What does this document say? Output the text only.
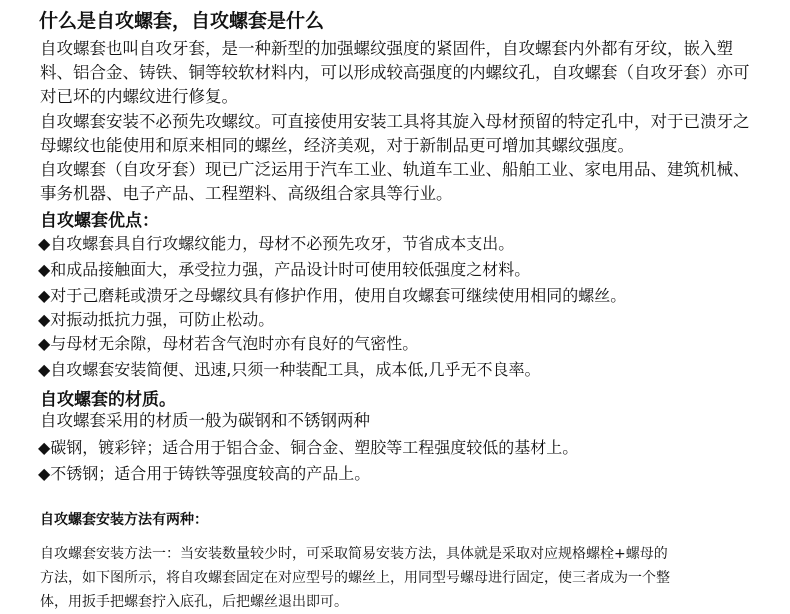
什么是自攻螺套，自攻螺套是什么
自攻螺套也叫自攻牙套，是一种新型的加强螺纹强度的紧固件，自攻螺套内外都有牙纹，嵌入塑
料、铝合金、铸铁、铜等较软材料内，可以形成较高强度的内螺纹孔，自攻螺套（自攻牙套）亦可
对已坏的内螺纹进行修复。
自攻螺套安装不必预先攻螺纹。可直接使用安装工具将其旋入母材预留的特定孔中，对于已溃牙之
母螺纹也能使用和原来相同的螺丝，经济美观，对于新制品更可增加其螺纹强度。
自攻螺套（自攻牙套）现已广泛运用于汽车工业、轨道车工业、船舶工业、家电用品、建筑机械、
事务机器、电子产品、工程塑料、高级组合家具等行业。
自攻螺套优点：
◆自攻螺套具自行攻螺纹能力，母材不必预先攻牙，节省成本支出。
◆和成品接触面大，承受拉力强，产品设计时可使用较低强度之材料。
◆对于己磨耗或溃牙之母螺纹具有修护作用，使用自攻螺套可继续使用相同的螺丝。
◆对振动抵抗力强，可防止松动。
◆与母材无余隙，母材若含气泡时亦有良好的气密性。
◆自攻螺套安装简便、迅速,只须一种装配工具，成本低,几乎无不良率。
自攻螺套的材质。
自攻螺套采用的材质一般为碳钢和不锈钢两种
◆碳钢，镀彩锌；适合用于铝合金、铜合金、塑胶等工程强度较低的基材上。
◆不锈钢；适合用于铸铁等强度较高的产品上。
自攻螺套安装方法有两种：
自攻螺套安装方法一：当安装数量较少时，可采取简易安装方法，具体就是采取对应规格螺栓+螺母的
方法，如下图所示，将自攻螺套固定在对应型号的螺丝上，用同型号螺母进行固定，使三者成为一个整
体，用扳手把螺套拧入底孔，后把螺丝退出即可。
